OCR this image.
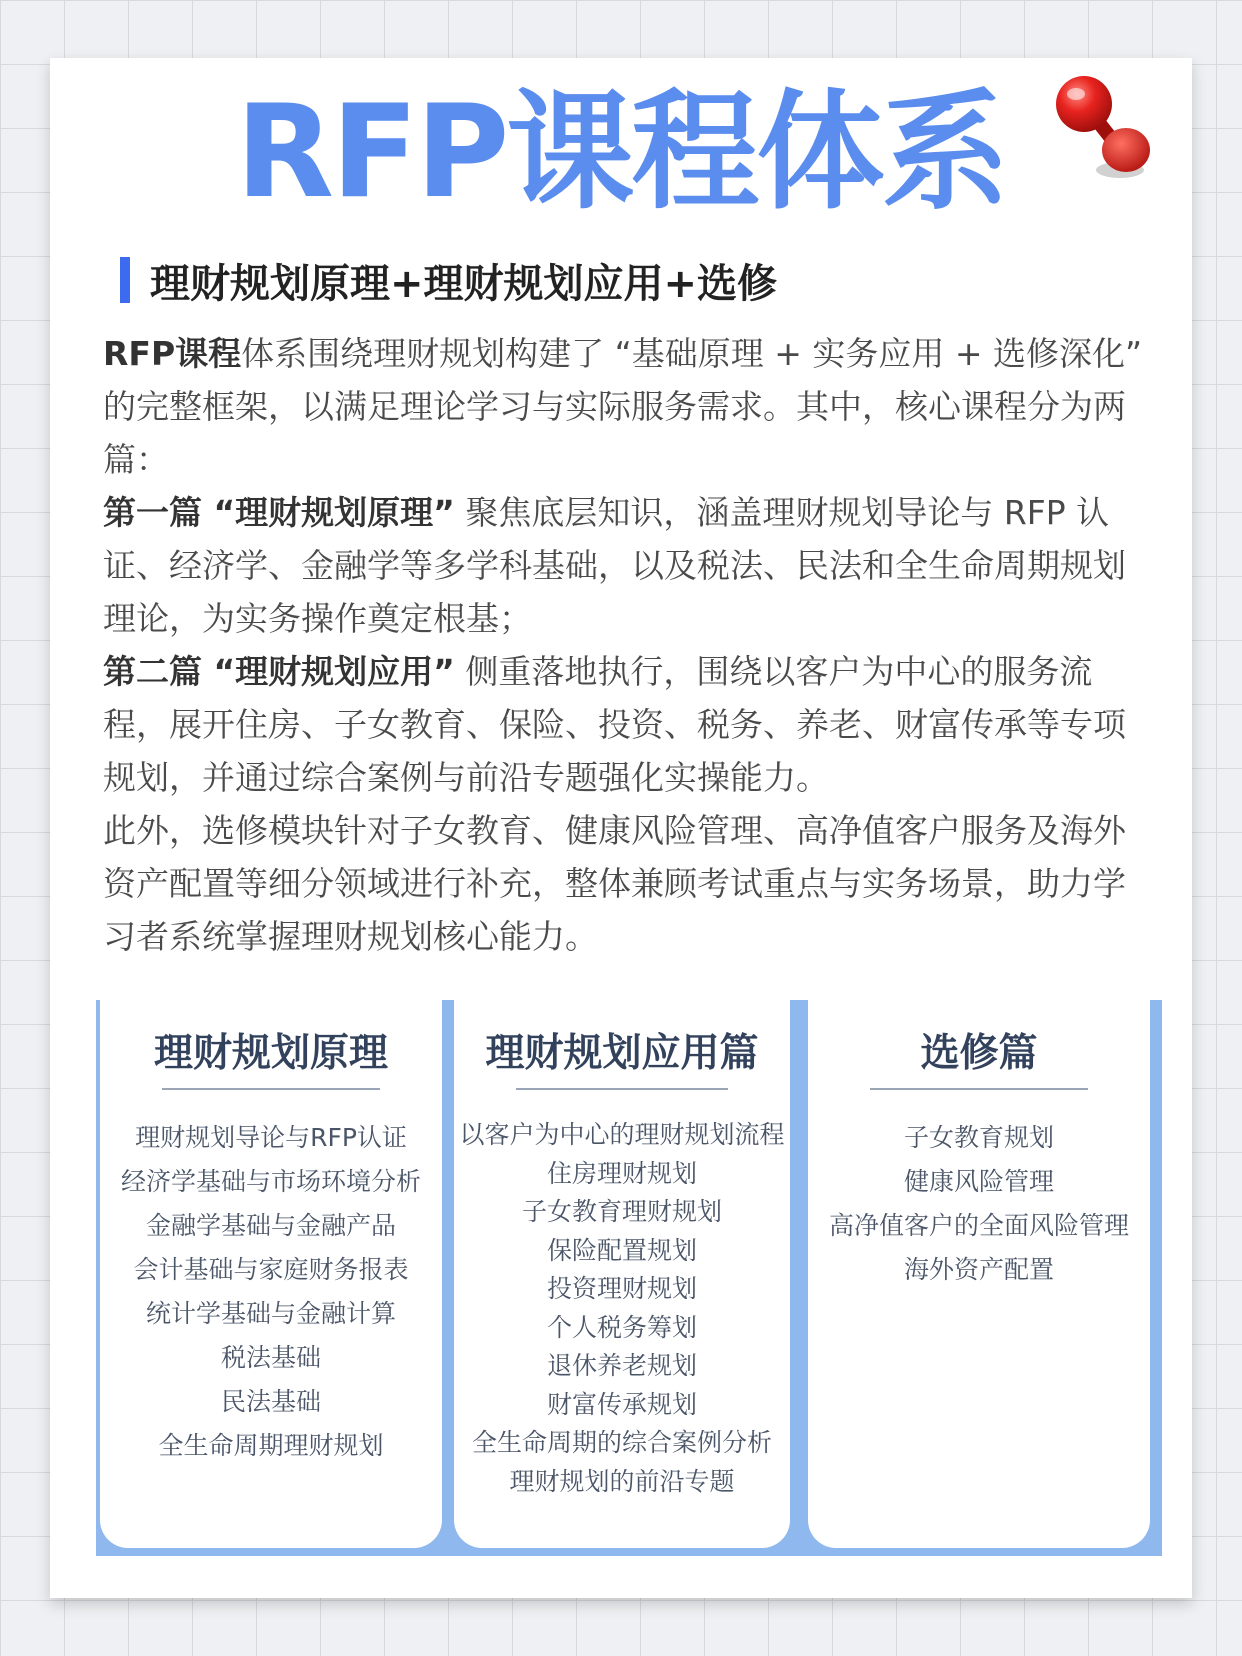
RFP课程体系
理财规划原理+理财规划应用+选修
RFP课程体系围绕理财规划构建了 “基础原理 + 实务应用 + 选修深化” 的完整框架，以满足理论学习与实际服务需求。其中，核心课程分为两篇：
第一篇 “理财规划原理” 聚焦底层知识，涵盖理财规划导论与 RFP 认证、经济学、金融学等多学科基础，以及税法、民法和全生命周期规划理论，为实务操作奠定根基；
第二篇 “理财规划应用” 侧重落地执行，围绕以客户为中心的服务流程，展开住房、子女教育、保险、投资、税务、养老、财富传承等专项规划，并通过综合案例与前沿专题强化实操能力。
此外，选修模块针对子女教育、健康风险管理、高净值客户服务及海外资产配置等细分领域进行补充，整体兼顾考试重点与实务场景，助力学习者系统掌握理财规划核心能力。
理财规划原理
理财规划导论与RFP认证
经济学基础与市场环境分析
金融学基础与金融产品
会计基础与家庭财务报表
统计学基础与金融计算
税法基础
民法基础
全生命周期理财规划
理财规划应用篇
以客户为中心的理财规划流程
住房理财规划
子女教育理财规划
保险配置规划
投资理财规划
个人税务筹划
退休养老规划
财富传承规划
全生命周期的综合案例分析
理财规划的前沿专题
选修篇
子女教育规划
健康风险管理
高净值客户的全面风险管理
海外资产配置
